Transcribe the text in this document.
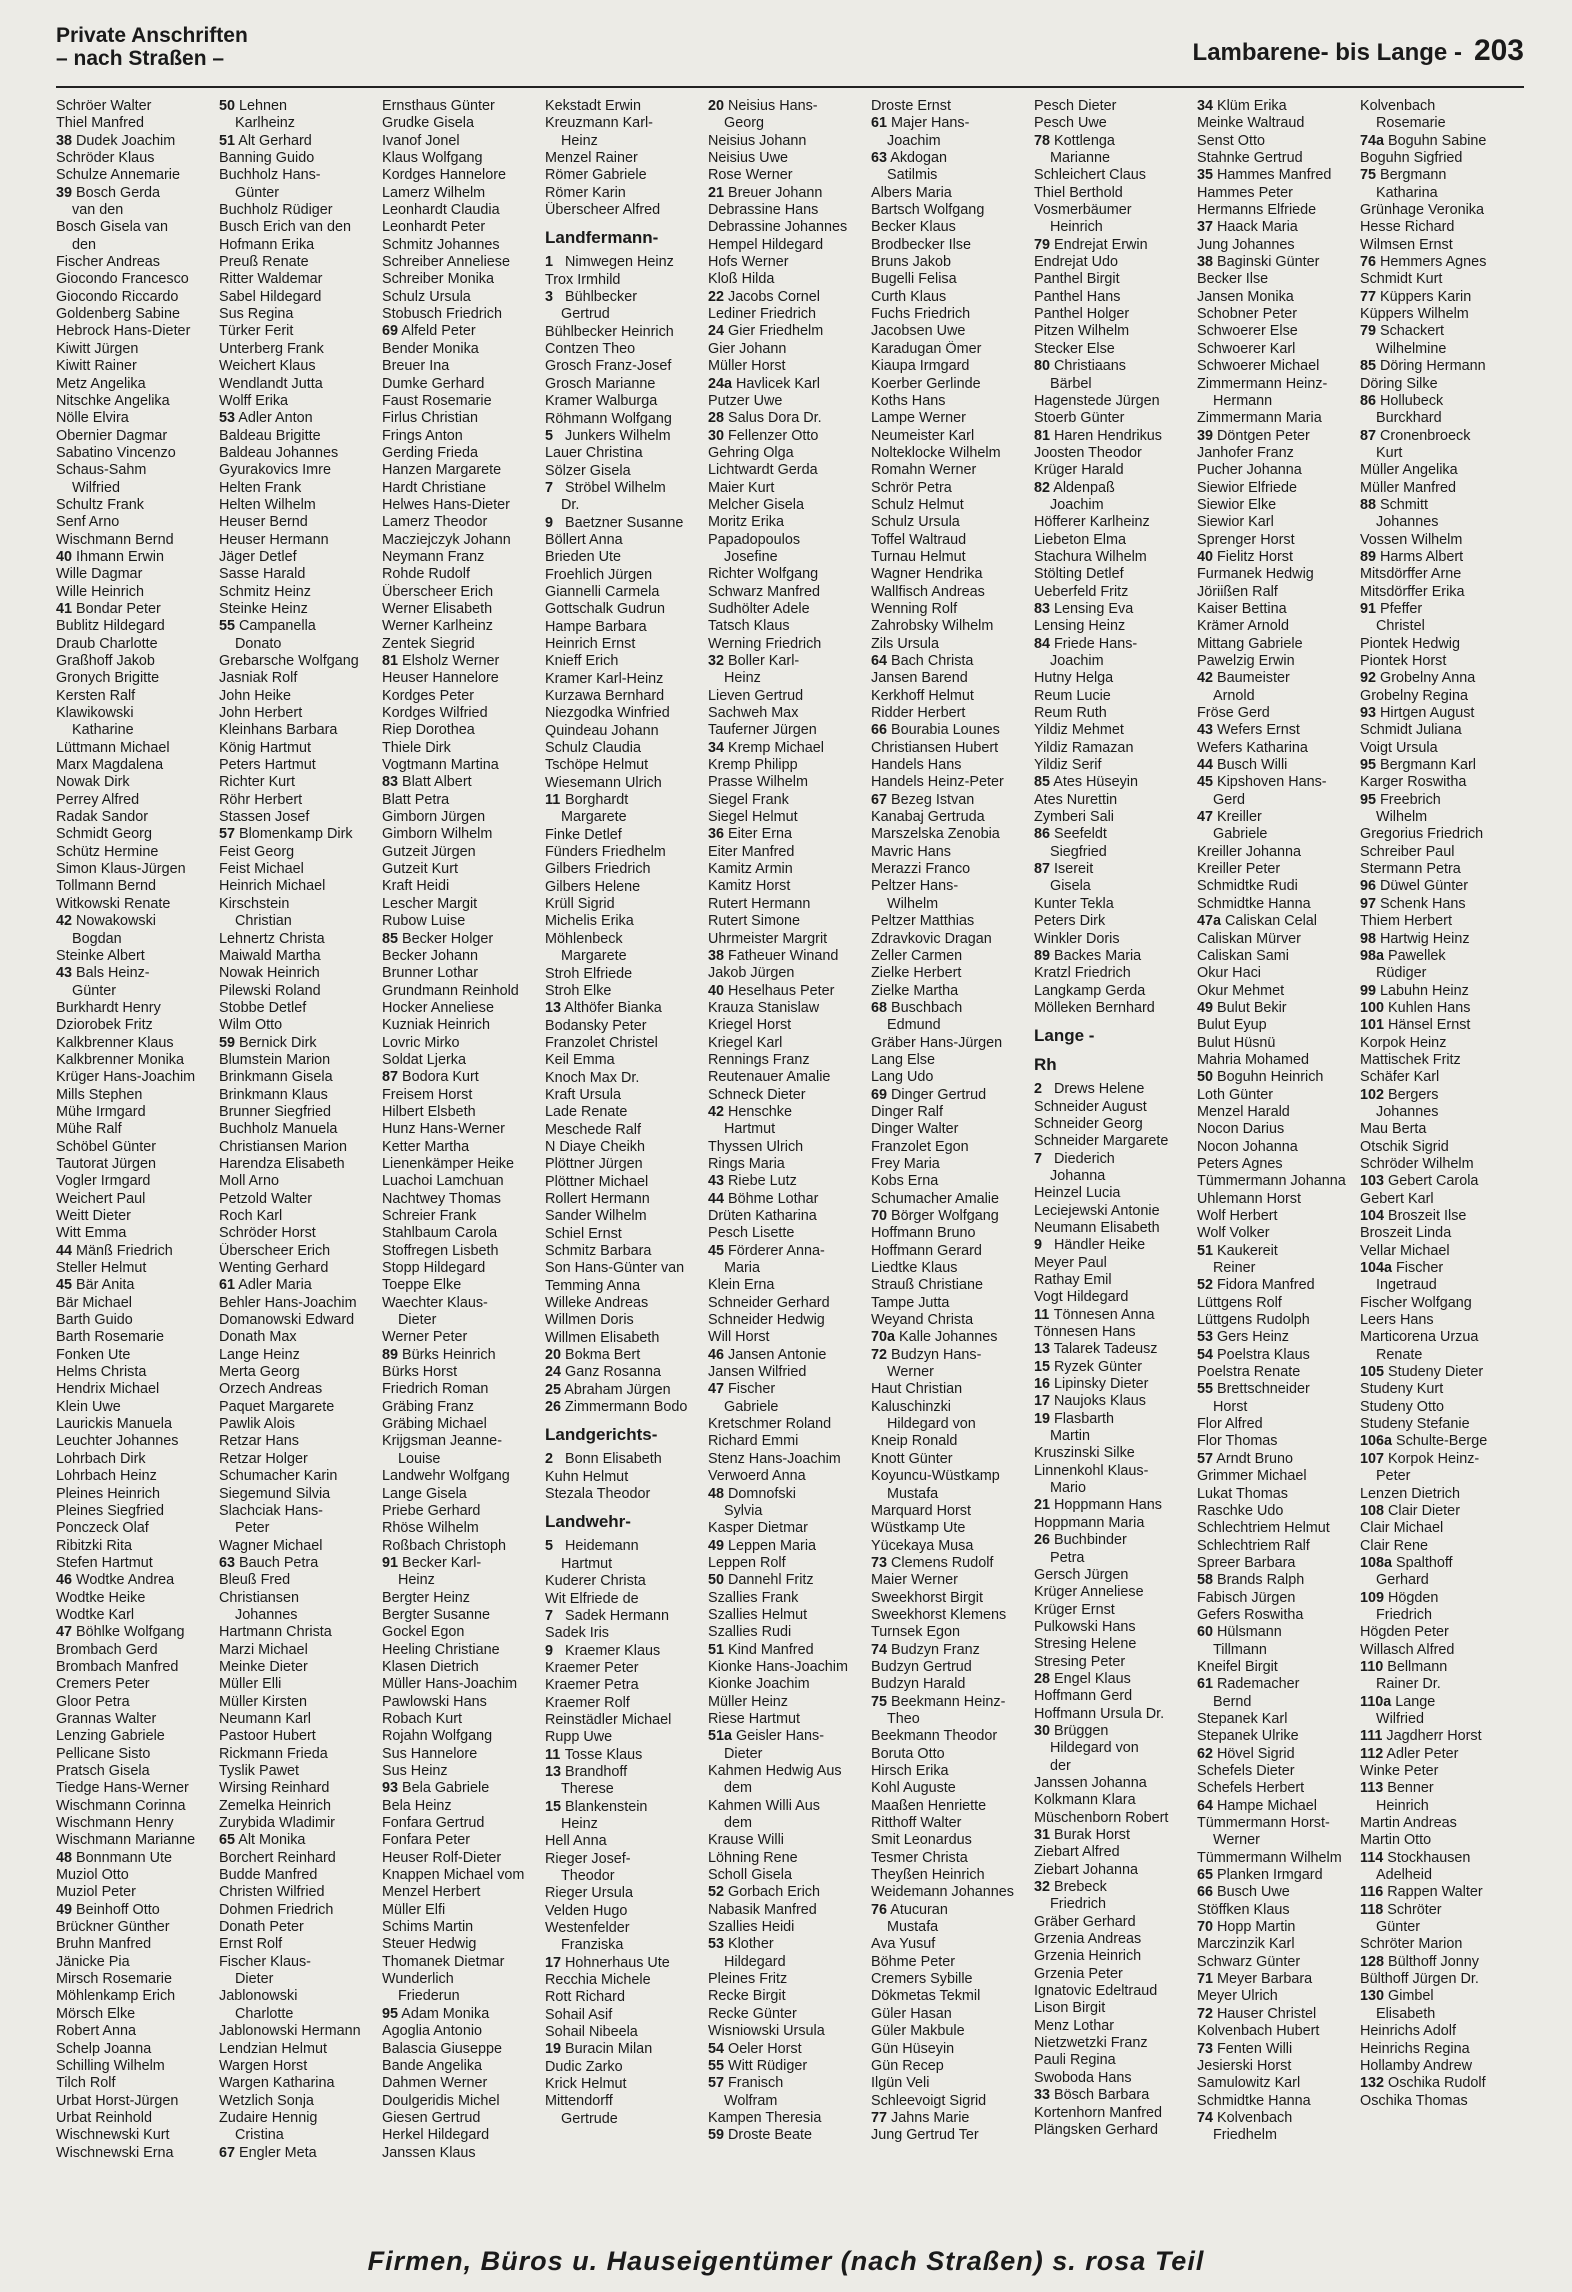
Private Anschriften
– nach Straßen –	Lambarene- bis Lange - 203
Schröer Walter
Thiel Manfred
38 Dudek Joachim
Schröder Klaus
Schulze Annemarie
39 Bosch Gerda
van den
Bosch Gisela van
den
Fischer Andreas
Giocondo Francesco
Giocondo Riccardo
Goldenberg Sabine
Hebrock Hans-Dieter
Kiwitt Jürgen
Kiwitt Rainer
Metz Angelika
Nitschke Angelika
Nölle Elvira
Obernier Dagmar
Sabatino Vincenzo
Schaus-Sahm
Wilfried
Schultz Frank
Senf Arno
Wischmann Bernd
40 Ihmann Erwin
Wille Dagmar
Wille Heinrich
41 Bondar Peter
Bublitz Hildegard
Draub Charlotte
Graßhoff Jakob
Gronych Brigitte
Kersten Ralf
Klawikowski
Katharine
Lüttmann Michael
Marx Magdalena
Nowak Dirk
Perrey Alfred
Radak Sandor
Schmidt Georg
Schütz Hermine
Simon Klaus-Jürgen
Tollmann Bernd
Witkowski Renate
42 Nowakowski
Bogdan
Steinke Albert
43 Bals Heinz-
Günter
Burkhardt Henry
Dziorobek Fritz
Kalkbrenner Klaus
Kalkbrenner Monika
Krüger Hans-Joachim
Mills Stephen
Mühe Irmgard
Mühe Ralf
Schöbel Günter
Tautorat Jürgen
Vogler Irmgard
Weichert Paul
Weitt Dieter
Witt Emma
44 Mänß Friedrich
Steller Helmut
45 Bär Anita
Bär Michael
Barth Guido
Barth Rosemarie
Fonken Ute
Helms Christa
Hendrix Michael
Klein Uwe
Laurickis Manuela
Leuchter Johannes
Lohrbach Dirk
Lohrbach Heinz
Pleines Heinrich
Pleines Siegfried
Ponczeck Olaf
Ribitzki Rita
Stefen Hartmut
46 Wodtke Andrea
Wodtke Heike
Wodtke Karl
47 Böhlke Wolfgang
Brombach Gerd
Brombach Manfred
Cremers Peter
Gloor Petra
Grannas Walter
Lenzing Gabriele
Pellicane Sisto
Pratsch Gisela
Tiedge Hans-Werner
Wischmann Corinna
Wischmann Henry
Wischmann Marianne
48 Bonnmann Ute
Muziol Otto
Muziol Peter
49 Beinhoff Otto
Brückner Günther
Bruhn Manfred
Jänicke Pia
Mirsch Rosemarie
Möhlenkamp Erich
Mörsch Elke
Robert Anna
Schelp Joanna
Schilling Wilhelm
Tilch Rolf
Urbat Horst-Jürgen
Urbat Reinhold
Wischnewski Kurt
Wischnewski Erna
50 Lehnen
Karlheinz
51 Alt Gerhard
Banning Guido
Buchholz Hans-
Günter
Buchholz Rüdiger
Busch Erich van den
Hofmann Erika
Preuß Renate
Ritter Waldemar
Sabel Hildegard
Sus Regina
Türker Ferit
Unterberg Frank
Weichert Klaus
Wendlandt Jutta
Wolff Erika
53 Adler Anton
Baldeau Brigitte
Baldeau Johannes
Gyurakovics Imre
Helten Frank
Helten Wilhelm
Heuser Bernd
Heuser Hermann
Jäger Detlef
Sasse Harald
Schmitz Heinz
Steinke Heinz
55 Campanella
Donato
Grebarsche Wolfgang
Jasniak Rolf
John Heike
John Herbert
Kleinhans Barbara
König Hartmut
Peters Hartmut
Richter Kurt
Röhr Herbert
Stassen Josef
57 Blomenkamp Dirk
Feist Georg
Feist Michael
Heinrich Michael
Kirschstein
Christian
Lehnertz Christa
Maiwald Martha
Nowak Heinrich
Pilewski Roland
Stobbe Detlef
Wilm Otto
59 Bernick Dirk
Blumstein Marion
Brinkmann Gisela
Brinkmann Klaus
Brunner Siegfried
Buchholz Manuela
Christiansen Marion
Harendza Elisabeth
Moll Arno
Petzold Walter
Roch Karl
Schröder Horst
Überscheer Erich
Wenting Gerhard
61 Adler Maria
Behler Hans-Joachim
Domanowski Edward
Donath Max
Lange Heinz
Merta Georg
Orzech Andreas
Paquet Margarete
Pawlik Alois
Retzar Hans
Retzar Holger
Schumacher Karin
Siegemund Silvia
Slachciak Hans-
Peter
Wagner Michael
63 Bauch Petra
Bleuß Fred
Christiansen
Johannes
Hartmann Christa
Marzi Michael
Meinke Dieter
Müller Elli
Müller Kirsten
Neumann Karl
Pastoor Hubert
Rickmann Frieda
Tyslik Pawet
Wirsing Reinhard
Zemelka Heinrich
Zurybida Wladimir
65 Alt Monika
Borchert Reinhard
Budde Manfred
Christen Wilfried
Dohmen Friedrich
Donath Peter
Ernst Rolf
Fischer Klaus-
Dieter
Jablonowski
Charlotte
Jablonowski Hermann
Lendzian Helmut
Wargen Horst
Wargen Katharina
Wetzlich Sonja
Zudaire Hennig
Cristina
67 Engler Meta
Ernsthaus Günter
Grudke Gisela
Ivanof Jonel
Klaus Wolfgang
Kordges Hannelore
Lamerz Wilhelm
Leonhardt Claudia
Leonhardt Peter
Schmitz Johannes
Schreiber Anneliese
Schreiber Monika
Schulz Ursula
Stobusch Friedrich
69 Alfeld Peter
Bender Monika
Breuer Ina
Dumke Gerhard
Faust Rosemarie
Firlus Christian
Frings Anton
Gerding Frieda
Hanzen Margarete
Hardt Christiane
Helwes Hans-Dieter
Lamerz Theodor
Macziejczyk Johann
Neymann Franz
Rohde Rudolf
Überscheer Erich
Werner Elisabeth
Werner Karlheinz
Zentek Siegrid
81 Elsholz Werner
Heuser Hannelore
Kordges Peter
Kordges Wilfried
Riep Dorothea
Thiele Dirk
Vogtmann Martina
83 Blatt Albert
Blatt Petra
Gimborn Jürgen
Gimborn Wilhelm
Gutzeit Jürgen
Gutzeit Kurt
Kraft Heidi
Lescher Margit
Rubow Luise
85 Becker Holger
Becker Johann
Brunner Lothar
Grundmann Reinhold
Hocker Anneliese
Kuzniak Heinrich
Lovric Mirko
Soldat Ljerka
87 Bodora Kurt
Freisem Horst
Hilbert Elsbeth
Hunz Hans-Werner
Ketter Martha
Lienenkämper Heike
Luachoi Lamchuan
Nachtwey Thomas
Schreier Frank
Stahlbaum Carola
Stoffregen Lisbeth
Stopp Hildegard
Toeppe Elke
Waechter Klaus-
Dieter
Werner Peter
89 Bürks Heinrich
Bürks Horst
Friedrich Roman
Gräbing Franz
Gräbing Michael
Krijgsman Jeanne-
Louise
Landwehr Wolfgang
Lange Gisela
Priebe Gerhard
Rhöse Wilhelm
Roßbach Christoph
91 Becker Karl-
Heinz
Bergter Heinz
Bergter Susanne
Gockel Egon
Heeling Christiane
Klasen Dietrich
Müller Hans-Joachim
Pawlowski Hans
Robach Kurt
Rojahn Wolfgang
Sus Hannelore
Sus Heinz
93 Bela Gabriele
Bela Heinz
Fonfara Gertrud
Fonfara Peter
Heuser Rolf-Dieter
Knappen Michael vom
Menzel Herbert
Müller Elfi
Schims Martin
Steuer Hedwig
Thomanek Dietmar
Wunderlich
Friederun
95 Adam Monika
Agoglia Antonio
Balascia Giuseppe
Bande Angelika
Dahmen Werner
Doulgeridis Michel
Giesen Gertrud
Herkel Hildegard
Janssen Klaus
Kekstadt Erwin
Kreuzmann Karl-
Heinz
Menzel Rainer
Römer Gabriele
Römer Karin
Überscheer Alfred
Landfermann-
1 Nimwegen Heinz
Trox Irmhild
3 Bühlbecker
Gertrud
Bühlbecker Heinrich
Contzen Theo
Grosch Franz-Josef
Grosch Marianne
Kramer Walburga
Röhmann Wolfgang
5 Junkers Wilhelm
Lauer Christina
Sölzer Gisela
7 Ströbel Wilhelm
Dr.
9 Baetzner Susanne
Böllert Anna
Brieden Ute
Froehlich Jürgen
Giannelli Carmela
Gottschalk Gudrun
Hampe Barbara
Heinrich Ernst
Knieff Erich
Kramer Karl-Heinz
Kurzawa Bernhard
Niezgodka Winfried
Quindeau Johann
Schulz Claudia
Tschöpe Helmut
Wiesemann Ulrich
11 Borghardt
Margarete
Finke Detlef
Fünders Friedhelm
Gilbers Friedrich
Gilbers Helene
Krüll Sigrid
Michelis Erika
Möhlenbeck
Margarete
Stroh Elfriede
Stroh Elke
13 Althöfer Bianka
Bodansky Peter
Franzolet Christel
Keil Emma
Knoch Max Dr.
Kraft Ursula
Lade Renate
Meschede Ralf
N Diaye Cheikh
Plöttner Jürgen
Plöttner Michael
Rollert Hermann
Sander Wilhelm
Schiel Ernst
Schmitz Barbara
Son Hans-Günter van
Temming Anna
Willeke Andreas
Willmen Doris
Willmen Elisabeth
20 Bokma Bert
24 Ganz Rosanna
25 Abraham Jürgen
26 Zimmermann Bodo
Landgerichts-
2 Bonn Elisabeth
Kuhn Helmut
Stezala Theodor
Landwehr-
5 Heidemann
Hartmut
Kuderer Christa
Wit Elfriede de
7 Sadek Hermann
Sadek Iris
9 Kraemer Klaus
Kraemer Peter
Kraemer Petra
Kraemer Rolf
Reinstädler Michael
Rupp Uwe
11 Tosse Klaus
13 Brandhoff
Therese
15 Blankenstein
Heinz
Hell Anna
Rieger Josef-
Theodor
Rieger Ursula
Velden Hugo
Westenfelder
Franziska
17 Hohnerhaus Ute
Recchia Michele
Rott Richard
Sohail Asif
Sohail Nibeela
19 Buracin Milan
Dudic Zarko
Krick Helmut
Mittendorff
Gertrude
20 Neisius Hans-
Georg
Neisius Johann
Neisius Uwe
Rose Werner
21 Breuer Johann
Debrassine Hans
Debrassine Johannes
Hempel Hildegard
Hofs Werner
Kloß Hilda
22 Jacobs Cornel
Lediner Friedrich
24 Gier Friedhelm
Gier Johann
Müller Horst
24a Havlicek Karl
Putzer Uwe
28 Salus Dora Dr.
30 Fellenzer Otto
Gehring Olga
Lichtwardt Gerda
Maier Kurt
Melcher Gisela
Moritz Erika
Papadopoulos
Josefine
Richter Wolfgang
Schwarz Manfred
Sudhölter Adele
Tatsch Klaus
Werning Friedrich
32 Boller Karl-
Heinz
Lieven Gertrud
Sachweh Max
Tauferner Jürgen
34 Kremp Michael
Kremp Philipp
Prasse Wilhelm
Siegel Frank
Siegel Helmut
36 Eiter Erna
Eiter Manfred
Kamitz Armin
Kamitz Horst
Rutert Hermann
Rutert Simone
Uhrmeister Margrit
38 Fatheuer Winand
Jakob Jürgen
40 Heselhaus Peter
Krauza Stanislaw
Kriegel Horst
Kriegel Karl
Rennings Franz
Reutenauer Amalie
Schneck Dieter
42 Henschke
Hartmut
Thyssen Ulrich
Rings Maria
43 Riebe Lutz
44 Böhme Lothar
Drüten Katharina
Pesch Lisette
45 Förderer Anna-
Maria
Klein Erna
Schneider Gerhard
Schneider Hedwig
Will Horst
46 Jansen Antonie
Jansen Wilfried
47 Fischer
Gabriele
Kretschmer Roland
Richard Emmi
Stenz Hans-Joachim
Verwoerd Anna
48 Domnofski
Sylvia
Kasper Dietmar
49 Leppen Maria
Leppen Rolf
50 Dannehl Fritz
Szallies Frank
Szallies Helmut
Szallies Rudi
51 Kind Manfred
Kionke Hans-Joachim
Kionke Joachim
Müller Heinz
Riese Hartmut
51a Geisler Hans-
Dieter
Kahmen Hedwig Aus
dem
Kahmen Willi Aus
dem
Krause Willi
Löhning Rene
Scholl Gisela
52 Gorbach Erich
Nabasik Manfred
Szallies Heidi
53 Klother
Hildegard
Pleines Fritz
Recke Birgit
Recke Günter
Wisniowski Ursula
54 Oeler Horst
55 Witt Rüdiger
57 Franisch
Wolfram
Kampen Theresia
59 Droste Beate
Droste Ernst
61 Majer Hans-
Joachim
63 Akdogan
Satilmis
Albers Maria
Bartsch Wolfgang
Becker Klaus
Brodbecker Ilse
Bruns Jakob
Bugelli Felisa
Curth Klaus
Fuchs Friedrich
Jacobsen Uwe
Karadugan Ömer
Kiaupa Irmgard
Koerber Gerlinde
Koths Hans
Lampe Werner
Neumeister Karl
Nolteklocke Wilhelm
Romahn Werner
Schrör Petra
Schulz Helmut
Schulz Ursula
Toffel Waltraud
Turnau Helmut
Wagner Hendrika
Wallfisch Andreas
Wenning Rolf
Zahrobsky Wilhelm
Zils Ursula
64 Bach Christa
Jansen Barend
Kerkhoff Helmut
Ridder Herbert
66 Bourabia Lounes
Christiansen Hubert
Handels Hans
Handels Heinz-Peter
67 Bezeg Istvan
Kanabaj Gertruda
Marszelska Zenobia
Mavric Hans
Merazzi Franco
Peltzer Hans-
Wilhelm
Peltzer Matthias
Zdravkovic Dragan
Zeller Carmen
Zielke Herbert
Zielke Martha
68 Buschbach
Edmund
Gräber Hans-Jürgen
Lang Else
Lang Udo
69 Dinger Gertrud
Dinger Ralf
Dinger Walter
Franzolet Egon
Frey Maria
Kobs Erna
Schumacher Amalie
70 Börger Wolfgang
Hoffmann Bruno
Hoffmann Gerard
Liedtke Klaus
Strauß Christiane
Tampe Jutta
Weyand Christa
70a Kalle Johannes
72 Budzyn Hans-
Werner
Haut Christian
Kaluschinzki
Hildegard von
Kneip Ronald
Knott Günter
Koyuncu-Wüstkamp
Mustafa
Marquard Horst
Wüstkamp Ute
Yücekaya Musa
73 Clemens Rudolf
Maier Werner
Sweekhorst Birgit
Sweekhorst Klemens
Turnsek Egon
74 Budzyn Franz
Budzyn Gertrud
Budzyn Harald
75 Beekmann Heinz-
Theo
Beekmann Theodor
Boruta Otto
Hirsch Erika
Kohl Auguste
Maaßen Henriette
Ritthoff Walter
Smit Leonardus
Tesmer Christa
Theyßen Heinrich
Weidemann Johannes
76 Atucuran
Mustafa
Ava Yusuf
Böhme Peter
Cremers Sybille
Dökmetas Tekmil
Güler Hasan
Güler Makbule
Gün Hüseyin
Gün Recep
Ilgün Veli
Schleevoigt Sigrid
77 Jahns Marie
Jung Gertrud Ter
Pesch Dieter
Pesch Uwe
78 Kottlenga
Marianne
Schleichert Claus
Thiel Berthold
Vosmerbäumer
Heinrich
79 Endrejat Erwin
Endrejat Udo
Panthel Birgit
Panthel Hans
Panthel Holger
Pitzen Wilhelm
Stecker Else
80 Christiaans
Bärbel
Hagenstede Jürgen
Stoerb Günter
81 Haren Hendrikus
Joosten Theodor
Krüger Harald
82 Aldenpaß
Joachim
Höfferer Karlheinz
Liebeton Elma
Stachura Wilhelm
Stölting Detlef
Ueberfeld Fritz
83 Lensing Eva
Lensing Heinz
84 Friede Hans-
Joachim
Hutny Helga
Reum Lucie
Reum Ruth
Yildiz Mehmet
Yildiz Ramazan
Yildiz Serif
85 Ates Hüseyin
Ates Nurettin
Zymberi Sali
86 Seefeldt
Siegfried
87 Isereit
Gisela
Kunter Tekla
Peters Dirk
Winkler Doris
89 Backes Maria
Kratzl Friedrich
Langkamp Gerda
Mölleken Bernhard
Lange -
Rh
2 Drews Helene
Schneider August
Schneider Georg
Schneider Margarete
7 Diederich
Johanna
Heinzel Lucia
Leciejewski Antonie
Neumann Elisabeth
9 Händler Heike
Meyer Paul
Rathay Emil
Vogt Hildegard
11 Tönnesen Anna
Tönnesen Hans
13 Talarek Tadeusz
15 Ryzek Günter
16 Lipinsky Dieter
17 Naujoks Klaus
19 Flasbarth
Martin
Kruszinski Silke
Linnenkohl Klaus-
Mario
21 Hoppmann Hans
Hoppmann Maria
26 Buchbinder
Petra
Gersch Jürgen
Krüger Anneliese
Krüger Ernst
Pulkowski Hans
Stresing Helene
Stresing Peter
28 Engel Klaus
Hoffmann Gerd
Hoffmann Ursula Dr.
30 Brüggen
Hildegard von
der
Janssen Johanna
Kolkmann Klara
Müschenborn Robert
31 Burak Horst
Ziebart Alfred
Ziebart Johanna
32 Brebeck
Friedrich
Gräber Gerhard
Grzenia Andreas
Grzenia Heinrich
Grzenia Peter
Ignatovic Edeltraud
Lison Birgit
Menz Lothar
Nietzwetzki Franz
Pauli Regina
Swoboda Hans
33 Bösch Barbara
Kortenhorn Manfred
Plängsken Gerhard
34 Klüm Erika
Meinke Waltraud
Senst Otto
Stahnke Gertrud
35 Hammes Manfred
Hammes Peter
Hermanns Elfriede
37 Haack Maria
Jung Johannes
38 Baginski Günter
Becker Ilse
Jansen Monika
Schobner Peter
Schwoerer Else
Schwoerer Karl
Schwoerer Michael
Zimmermann Heinz-
Hermann
Zimmermann Maria
39 Döntgen Peter
Janhofer Franz
Pucher Johanna
Siewior Elfriede
Siewior Elke
Siewior Karl
Sprenger Horst
40 Fielitz Horst
Furmanek Hedwig
Jöriißen Ralf
Kaiser Bettina
Krämer Arnold
Mittang Gabriele
Pawelzig Erwin
42 Baumeister
Arnold
Fröse Gerd
43 Wefers Ernst
Wefers Katharina
44 Busch Willi
45 Kipshoven Hans-
Gerd
47 Kreiller
Gabriele
Kreiller Johanna
Kreiller Peter
Schmidtke Rudi
Schmidtke Hanna
47a Caliskan Celal
Caliskan Mürver
Caliskan Sami
Okur Haci
Okur Mehmet
49 Bulut Bekir
Bulut Eyup
Bulut Hüsnü
Mahria Mohamed
50 Boguhn Heinrich
Loth Günter
Menzel Harald
Nocon Darius
Nocon Johanna
Peters Agnes
Tümmermann Johanna
Uhlemann Horst
Wolf Herbert
Wolf Volker
51 Kaukereit
Reiner
52 Fidora Manfred
Lüttgens Rolf
Lüttgens Rudolph
53 Gers Heinz
54 Poelstra Klaus
Poelstra Renate
55 Brettschneider
Horst
Flor Alfred
Flor Thomas
57 Arndt Bruno
Grimmer Michael
Lukat Thomas
Raschke Udo
Schlechtriem Helmut
Schlechtriem Ralf
Spreer Barbara
58 Brands Ralph
Fabisch Jürgen
Gefers Roswitha
60 Hülsmann
Tillmann
Kneifel Birgit
61 Rademacher
Bernd
Stepanek Karl
Stepanek Ulrike
62 Hövel Sigrid
Schefels Dieter
Schefels Herbert
64 Hampe Michael
Tümmermann Horst-
Werner
Tümmermann Wilhelm
65 Planken Irmgard
66 Busch Uwe
Stöffken Klaus
70 Hopp Martin
Marczinzik Karl
Schwarz Günter
71 Meyer Barbara
Meyer Ulrich
72 Hauser Christel
Kolvenbach Hubert
73 Fenten Willi
Jesierski Horst
Samulowitz Karl
Schmidtke Hanna
74 Kolvenbach
Friedhelm
Kolvenbach
Rosemarie
74a Boguhn Sabine
Boguhn Sigfried
75 Bergmann
Katharina
Grünhage Veronika
Hesse Richard
Wilmsen Ernst
76 Hemmers Agnes
Schmidt Kurt
77 Küppers Karin
Küppers Wilhelm
79 Schackert
Wilhelmine
85 Döring Hermann
Döring Silke
86 Hollubeck
Burckhard
87 Cronenbroeck
Kurt
Müller Angelika
Müller Manfred
88 Schmitt
Johannes
Vossen Wilhelm
89 Harms Albert
Mitsdörffer Arne
Mitsdörffer Erika
91 Pfeffer
Christel
Piontek Hedwig
Piontek Horst
92 Grobelny Anna
Grobelny Regina
93 Hirtgen August
Schmidt Juliana
Voigt Ursula
95 Bergmann Karl
Karger Roswitha
95 Freebrich
Wilhelm
Gregorius Friedrich
Schreiber Paul
Stermann Petra
96 Düwel Günter
97 Schenk Hans
Thiem Herbert
98 Hartwig Heinz
98a Pawellek
Rüdiger
99 Labuhn Heinz
100 Kuhlen Hans
101 Hänsel Ernst
Korpok Heinz
Mattischek Fritz
Schäfer Karl
102 Bergers
Johannes
Mau Berta
Otschik Sigrid
Schröder Wilhelm
103 Gebert Carola
Gebert Karl
104 Broszeit Ilse
Broszeit Linda
Vellar Michael
104a Fischer
Ingetraud
Fischer Wolfgang
Leers Hans
Marticorena Urzua
Renate
105 Studeny Dieter
Studeny Kurt
Studeny Otto
Studeny Stefanie
106a Schulte-Berge
107 Korpok Heinz-
Peter
Lenzen Dietrich
108 Clair Dieter
Clair Michael
Clair Rene
108a Spalthoff
Gerhard
109 Högden
Friedrich
Högden Peter
Willasch Alfred
110 Bellmann
Rainer Dr.
110a Lange
Wilfried
111 Jagdherr Horst
112 Adler Peter
Winke Peter
113 Benner
Heinrich
Martin Andreas
Martin Otto
114 Stockhausen
Adelheid
116 Rappen Walter
118 Schröter
Günter
Schröter Marion
128 Bülthoff Jonny
Bülthoff Jürgen Dr.
130 Gimbel
Elisabeth
Heinrichs Adolf
Heinrichs Regina
Hollamby Andrew
132 Oschika Rudolf
Oschika Thomas
Firmen, Büros u. Hauseigentümer (nach Straßen) s. rosa Teil
